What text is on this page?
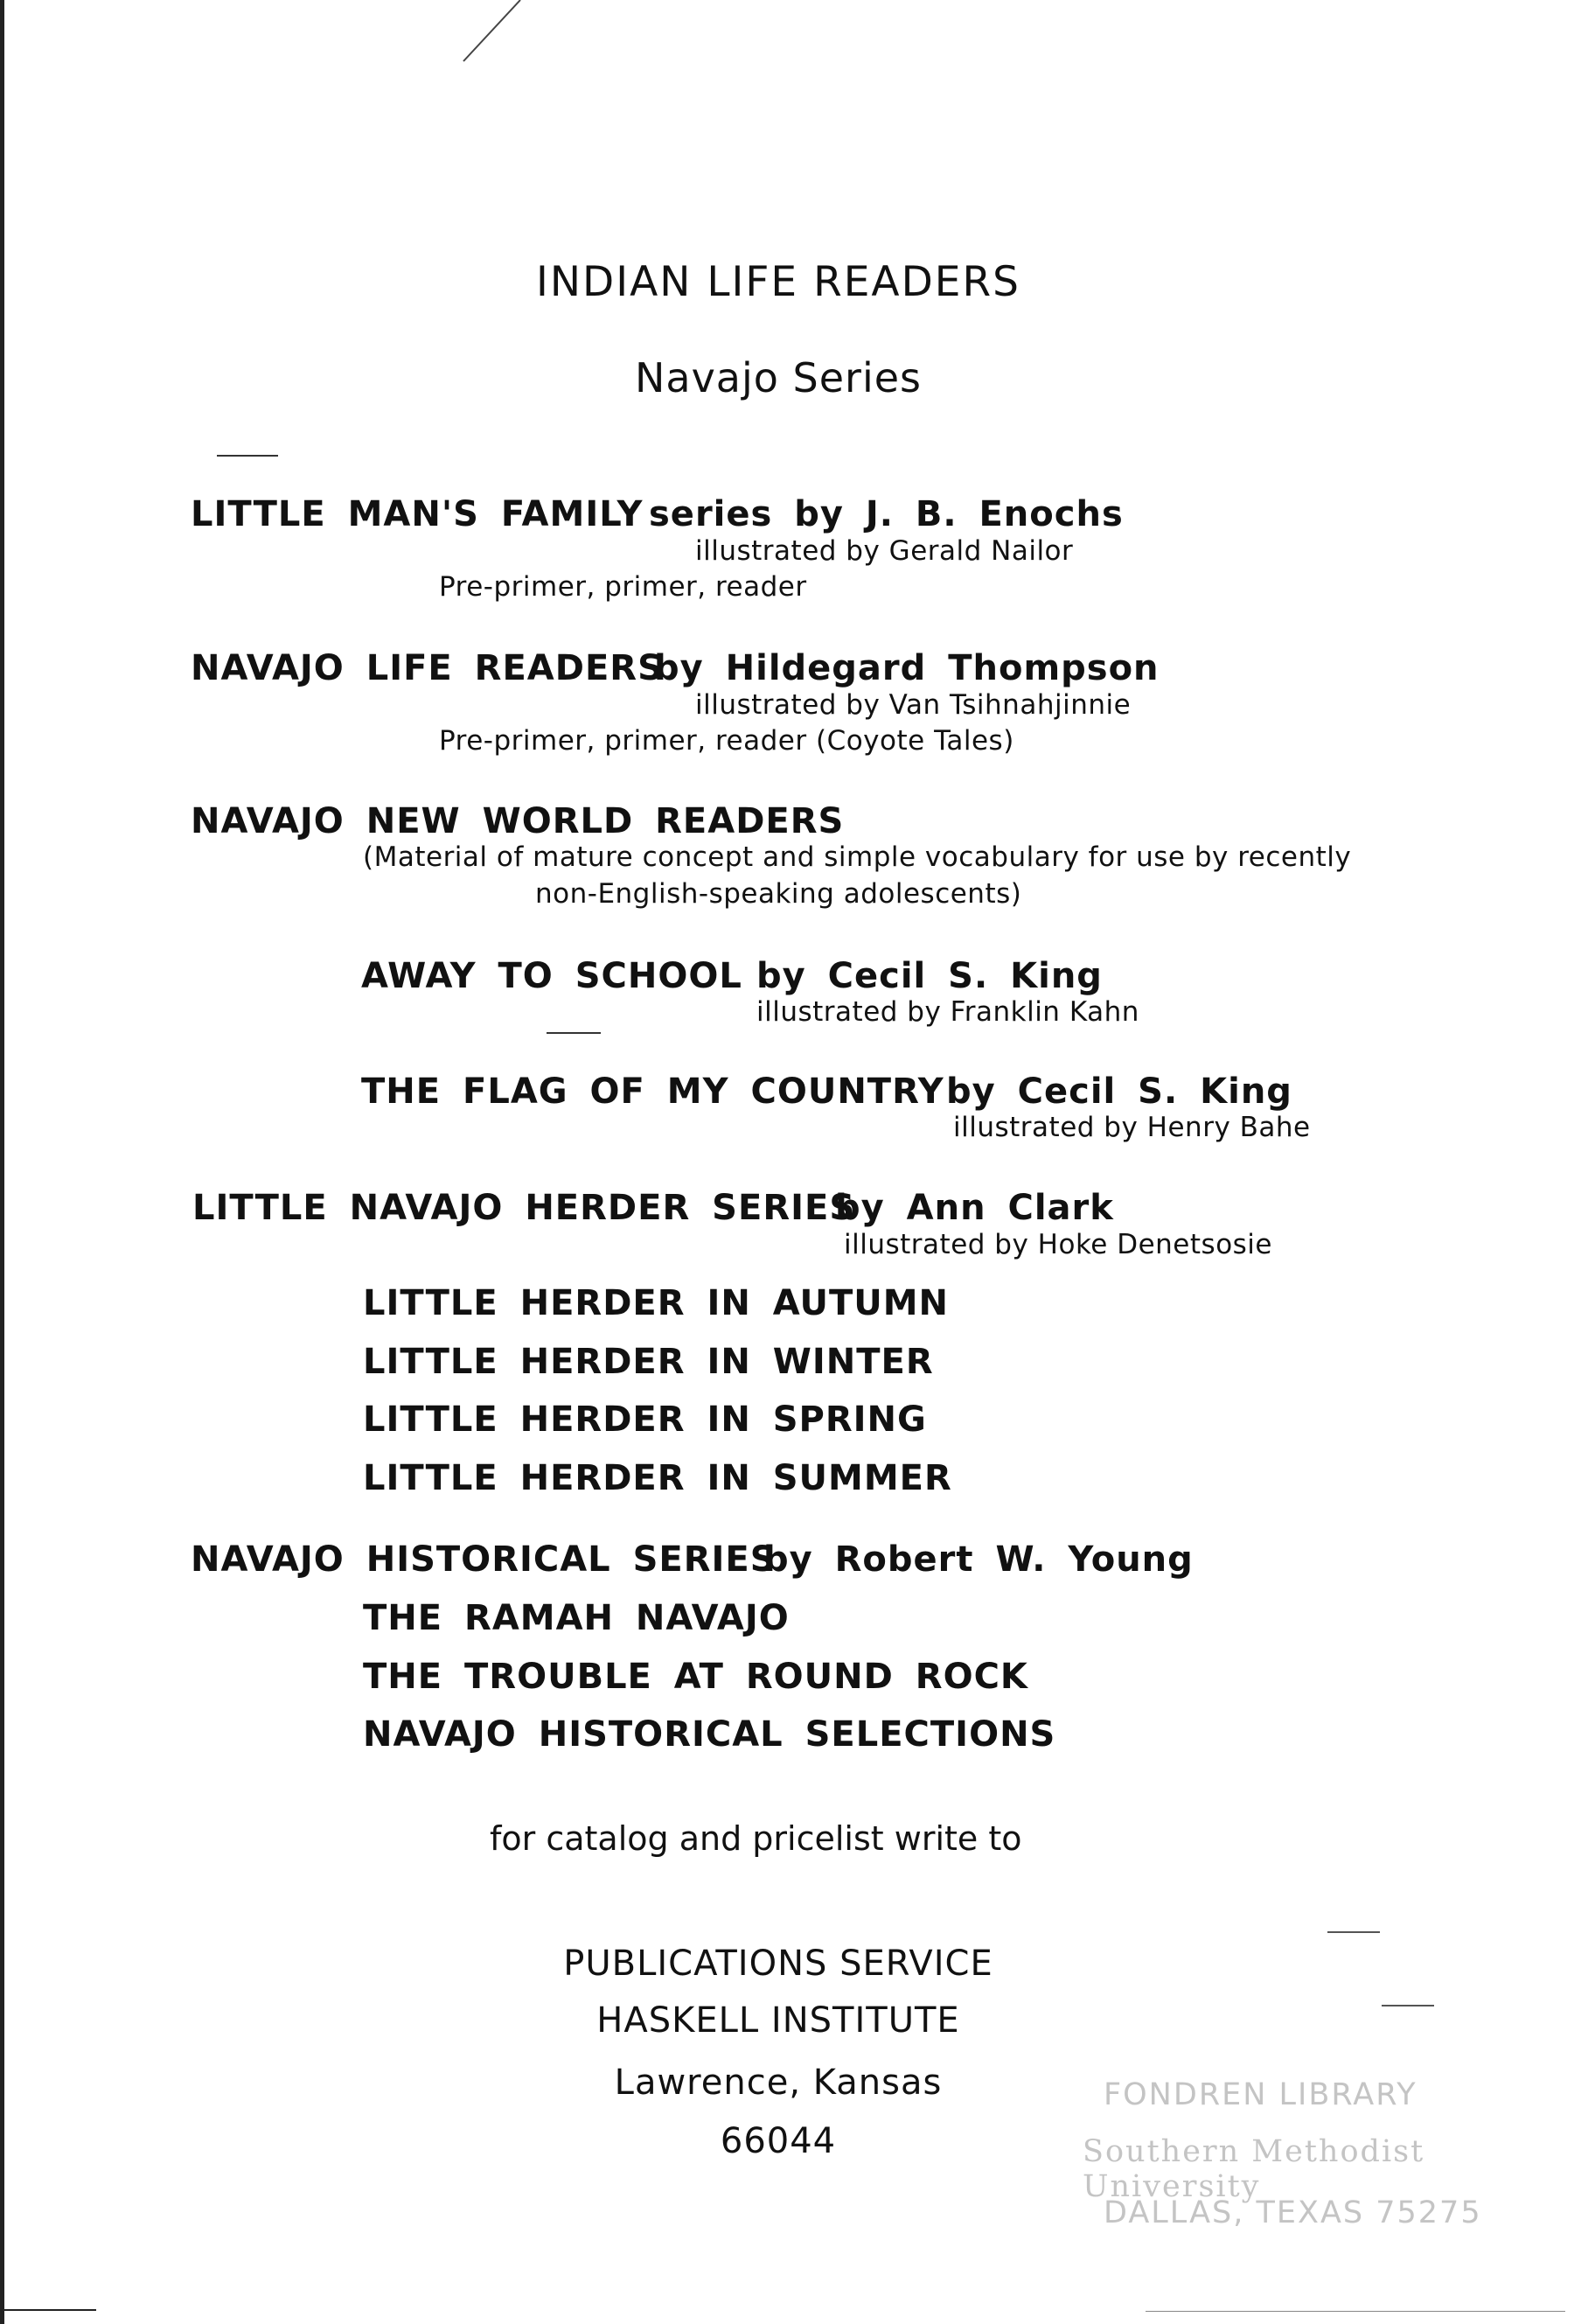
INDIAN LIFE READERS
Navajo Series
LITTLE MAN'S FAMILY series by J. B. Enochs
illustrated by Gerald Nailor
Pre-primer, primer, reader
NAVAJO LIFE READERS
by Hildegard Thompson
illustrated by Van Tsihnahjinnie
Pre-primer, primer, reader (Coyote Tales)
NAVAJO NEW WORLD READERS
(Material of mature concept and simple vocabulary for use by recently
non-English-speaking adolescents)
AWAY TO SCHOOL by Cecil S. King
illustrated by Franklin Kahn
THE FLAG OF MY COUNTRY by Cecil S. King
illustrated by Henry Bahe
LITTLE NAVAJO HERDER SERIES
by Ann Clark
illustrated by Hoke Denetsosie
LITTLE HERDER IN AUTUMN
LITTLE HERDER IN WINTER
LITTLE HERDER IN SPRING
LITTLE HERDER IN SUMMER
NAVAJO HISTORICAL SERIES
by Robert W. Young
THE RAMAH NAVAJO
THE TROUBLE AT ROUND ROCK
NAVAJO HISTORICAL SELECTIONS
for catalog and pricelist write to
PUBLICATIONS SERVICE
HASKELL INSTITUTE
Lawrence, Kansas
66044
FONDREN LIBRARY
Southern Methodist University
DALLAS, TEXAS 75275
